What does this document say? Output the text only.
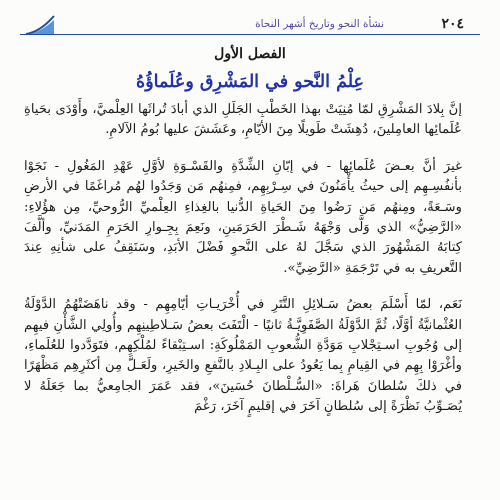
٢٠٤
نشأة النحو وتاريخ أشهر النحاة
الفصل الأول
عِلْمُ النَّحو في المَشْرِق وعُلَماؤُهُ

إنَّ بِلادَ المَشْرِقِ لمّا مُنِيَتْ بهذا الخَطْبِ الجَلَلِ الذي أبادَ تُراثَها العِلْميَّ، وأَوْدَى بحَياةِ عُلَمائِها العامِلينَ، دُهِشَتْ طَويلًا مِنَ الأيّامِ، وعَشَشَ عليها بُومُ الآلامِ.

غيرَ أنَّ بعـضَ عُلَمائِها - في إبّانِ الشِّدَّةِ والقَسْـوَةِ لأوَّلِ عَهْدِ المَغُولِ - نَجَوْا بأنفُسِـهِم إلى حيثُ يأْمَنُونَ في سِـرْبِهِم، فمِنهُم مَن وَجَدُوا لهُم مُراغَمًا في الأرضِ وسَـعَةً، ومِنهُم مَن رَضُوا مِنَ الحَياةِ الدُّنيا بالغِذاءِ العِلْميِّ الرُّوحيِّ، مِن هؤُلاءِ: «الرَّضِيُّ» الذي وَلَّى وَجْهَهُ شَـطْرَ الحَرَمَينِ، ونَعِمَ بِجِـوارِ الحَرَمِ المَدَنيِّ، وألَّفَ كِتابَهُ المَشْهُورَ الذي سَجَّلَ لهُ على النَّحوِ فَضْلَ الأبَدِ، وسَنَقِفُ على شأنِهِ عِندَ التَّعريفِ به في تَرْجَمَةِ «الرَّضِيِّ».

نَعَم، لمّا أَسْلَمَ بعضُ سَـلائِلِ التَّتَرِ في أُخْرَيـاتِ أيّامِهِم - وقد ناهَضَتْهُمُ الدَّوْلَةُ العُثْمانيَّةُ أوَّلًا، ثُمَّ الدَّوْلَةُ الصَّفَوِيَّـةُ ثانيًا - الْتَفَتَ بعضُ سَـلاطِينِهِم وأُولِي الشَّأْنِ فيهِم إلى وُجُوبِ اسـتِجْلابِ مَوَدَّةِ الشُّعوبِ المَمْلُوكَةِ: اسـتِبْقاءً لمُلْكِهِم، فتَوَدَّدوا للعُلَماءِ، وأغْرَوْا بِهِم في القِيامِ بِما يَعُودُ على البِـلادِ بالنَّفعِ والخَيرِ، ولَعَـلَّ مِن أكثَرِهِم مَظْهَرًا في ذلكَ سُلطانَ هَراةَ: «السُّـلْطانَ حُسَينَ»، فقد عَمَرَ الجامِعيُّ بما جَعَلَهُ لا يُصَـوِّبُ نَظْرَةً إلى سُلطانٍ آخَرَ في إقليمٍ آخَرَ، رَغْمَ
